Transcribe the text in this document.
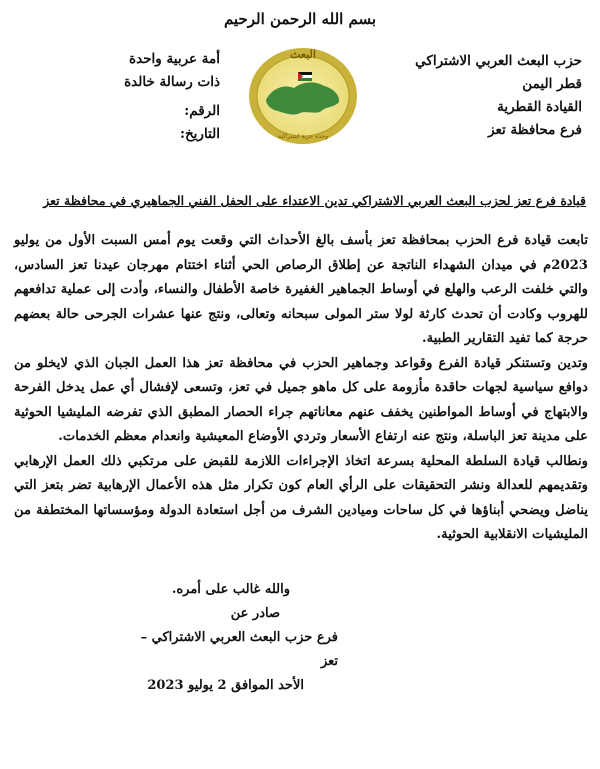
بسم الله الرحمن الرحيم
حزب البعث العربي الاشتراكي
قطر اليمن
القيادة القطرية
فرع محافظة تعز
البعث
وحدة حرية اشتراكية
أمة عربية واحدة
ذات رسالة خالدة
الرقم:
التاريخ:
قيادة فرع تعز لحزب البعث العربي الاشتراكي تدين الاعتداء على الحفل الفني الجماهيري في محافظة تعز

تابعت قيادة فرع الحزب بمحافظة تعز بأسف بالغ الأحداث التي وقعت يوم أمس السبت الأول من يوليو 2023م في ميدان الشهداء الناتجة عن إطلاق الرصاص الحي أثناء اختتام مهرجان عيدنا تعز السادس، والتي خلفت الرعب والهلع في أوساط الجماهير الغفيرة خاصة الأطفال والنساء، وأدت إلى عملية تدافعهم للهروب وكادت أن تحدث كارثة لولا ستر المولى سبحانه وتعالى، ونتج عنها عشرات الجرحى حالة بعضهم حرجة كما تفيد التقارير الطبية.

وتدين وتستنكر قيادة الفرع وقواعد وجماهير الحزب في محافظة تعز هذا العمل الجبان الذي لايخلو من دوافع سياسية لجهات حاقدة مأزومة على كل ماهو جميل في تعز، وتسعى لإفشال أي عمل يدخل الفرحة والابتهاج في أوساط المواطنين يخفف عنهم معاناتهم جراء الحصار المطبق الذي تفرضه المليشيا الحوثية على مدينة تعز الباسلة، ونتج عنه ارتفاع الأسعار وتردي الأوضاع المعيشية وانعدام معظم الخدمات.

ونطالب قيادة السلطة المحلية بسرعة اتخاذ الإجراءات اللازمة للقبض على مرتكبي ذلك العمل الإرهابي وتقديمهم للعدالة ونشر التحقيقات على الرأي العام كون تكرار مثل هذه الأعمال الإرهابية تضر بتعز التي يناضل ويضحي أبناؤها في كل ساحات وميادين الشرف من أجل استعادة الدولة ومؤسساتها المختطفة من المليشيات الانقلابية الحوثية.

والله غالب على أمره.
صادر عن
فرع حزب البعث العربي الاشتراكي – تعز
الأحد الموافق 2 يوليو 2023
